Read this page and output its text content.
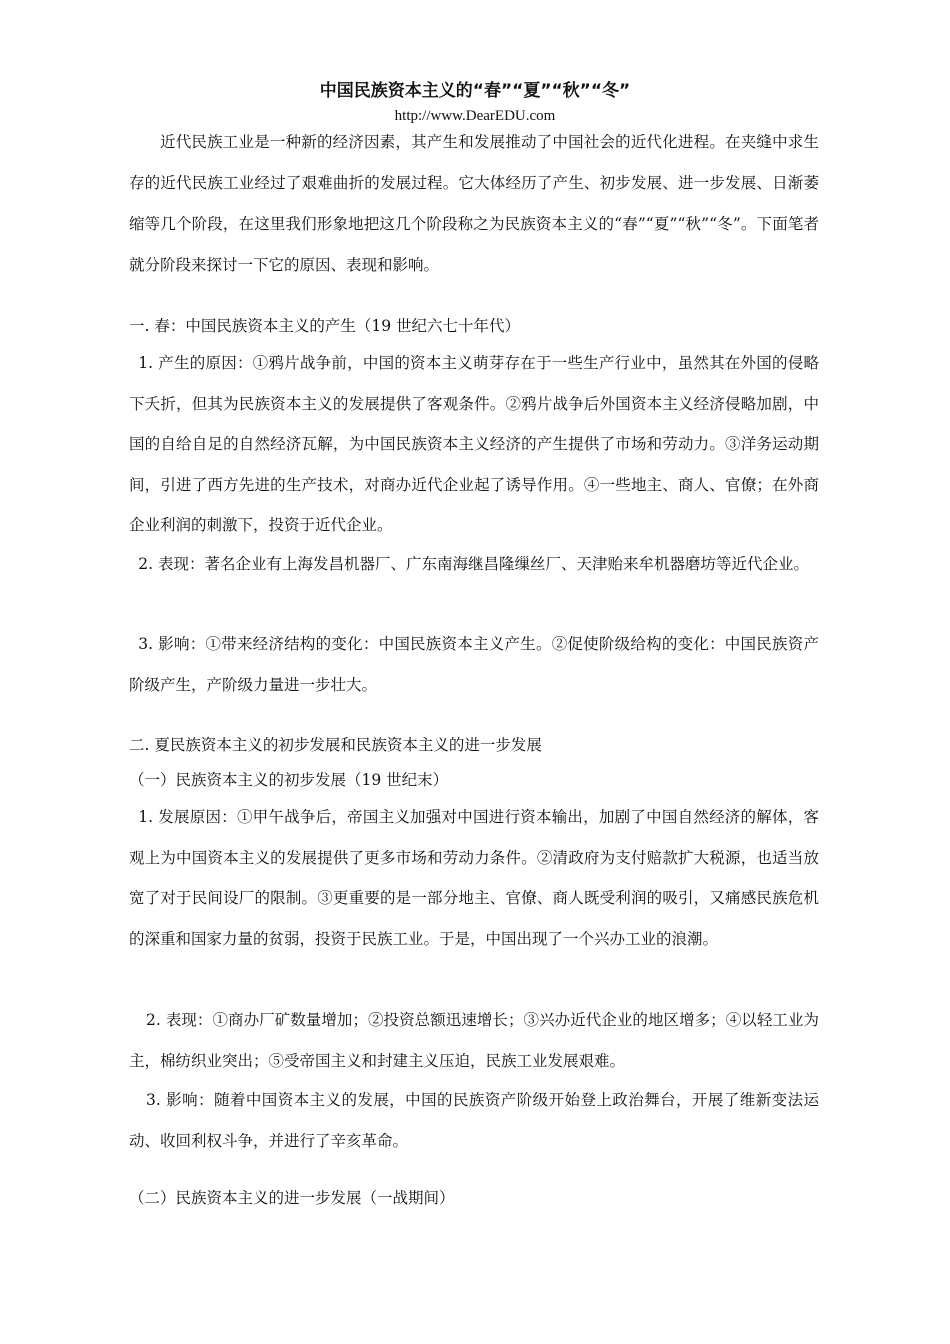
中国民族资本主义的“春”“夏”“秋”“冬”
http://www.DearEDU.com

近代民族工业是一种新的经济因素，其产生和发展推动了中国社会的近代化进程。在夹缝中求生存的近代民族工业经过了艰难曲折的发展过程。它大体经历了产生、初步发展、进一步发展、日渐萎缩等几个阶段，在这里我们形象地把这几个阶段称之为民族资本主义的“春”“夏”“秋”“冬”。下面笔者就分阶段来探讨一下它的原因、表现和影响。

一. 春：中国民族资本主义的产生（19 世纪六七十年代）

1. 产生的原因：①鸦片战争前，中国的资本主义萌芽存在于一些生产行业中，虽然其在外国的侵略下夭折，但其为民族资本主义的发展提供了客观条件。②鸦片战争后外国资本主义经济侵略加剧，中国的自给自足的自然经济瓦解，为中国民族资本主义经济的产生提供了市场和劳动力。③洋务运动期间，引进了西方先进的生产技术，对商办近代企业起了诱导作用。④一些地主、商人、官僚；在外商企业利润的刺激下，投资于近代企业。

2. 表现：著名企业有上海发昌机器厂、广东南海继昌隆缫丝厂、天津贻来牟机器磨坊等近代企业。

3. 影响：①带来经济结构的变化：中国民族资本主义产生。②促使阶级给构的变化：中国民族资产阶级产生，产阶级力量进一步壮大。

二. 夏民族资本主义的初步发展和民族资本主义的进一步发展

（一）民族资本主义的初步发展（19 世纪末）

1. 发展原因：①甲午战争后，帝国主义加强对中国进行资本输出，加剧了中国自然经济的解体，客观上为中国资本主义的发展提供了更多市场和劳动力条件。②清政府为支付赔款扩大税源，也适当放宽了对于民间设厂的限制。③更重要的是一部分地主、官僚、商人既受利润的吸引，又痛感民族危机的深重和国家力量的贫弱，投资于民族工业。于是，中国出现了一个兴办工业的浪潮。

2. 表现：①商办厂矿数量增加；②投资总额迅速增长；③兴办近代企业的地区增多；④以轻工业为主，棉纺织业突出；⑤受帝国主义和封建主义压迫，民族工业发展艰难。

3. 影响：随着中国资本主义的发展，中国的民族资产阶级开始登上政治舞台，开展了维新变法运动、收回利权斗争，并进行了辛亥革命。

（二）民族资本主义的进一步发展（一战期间）
